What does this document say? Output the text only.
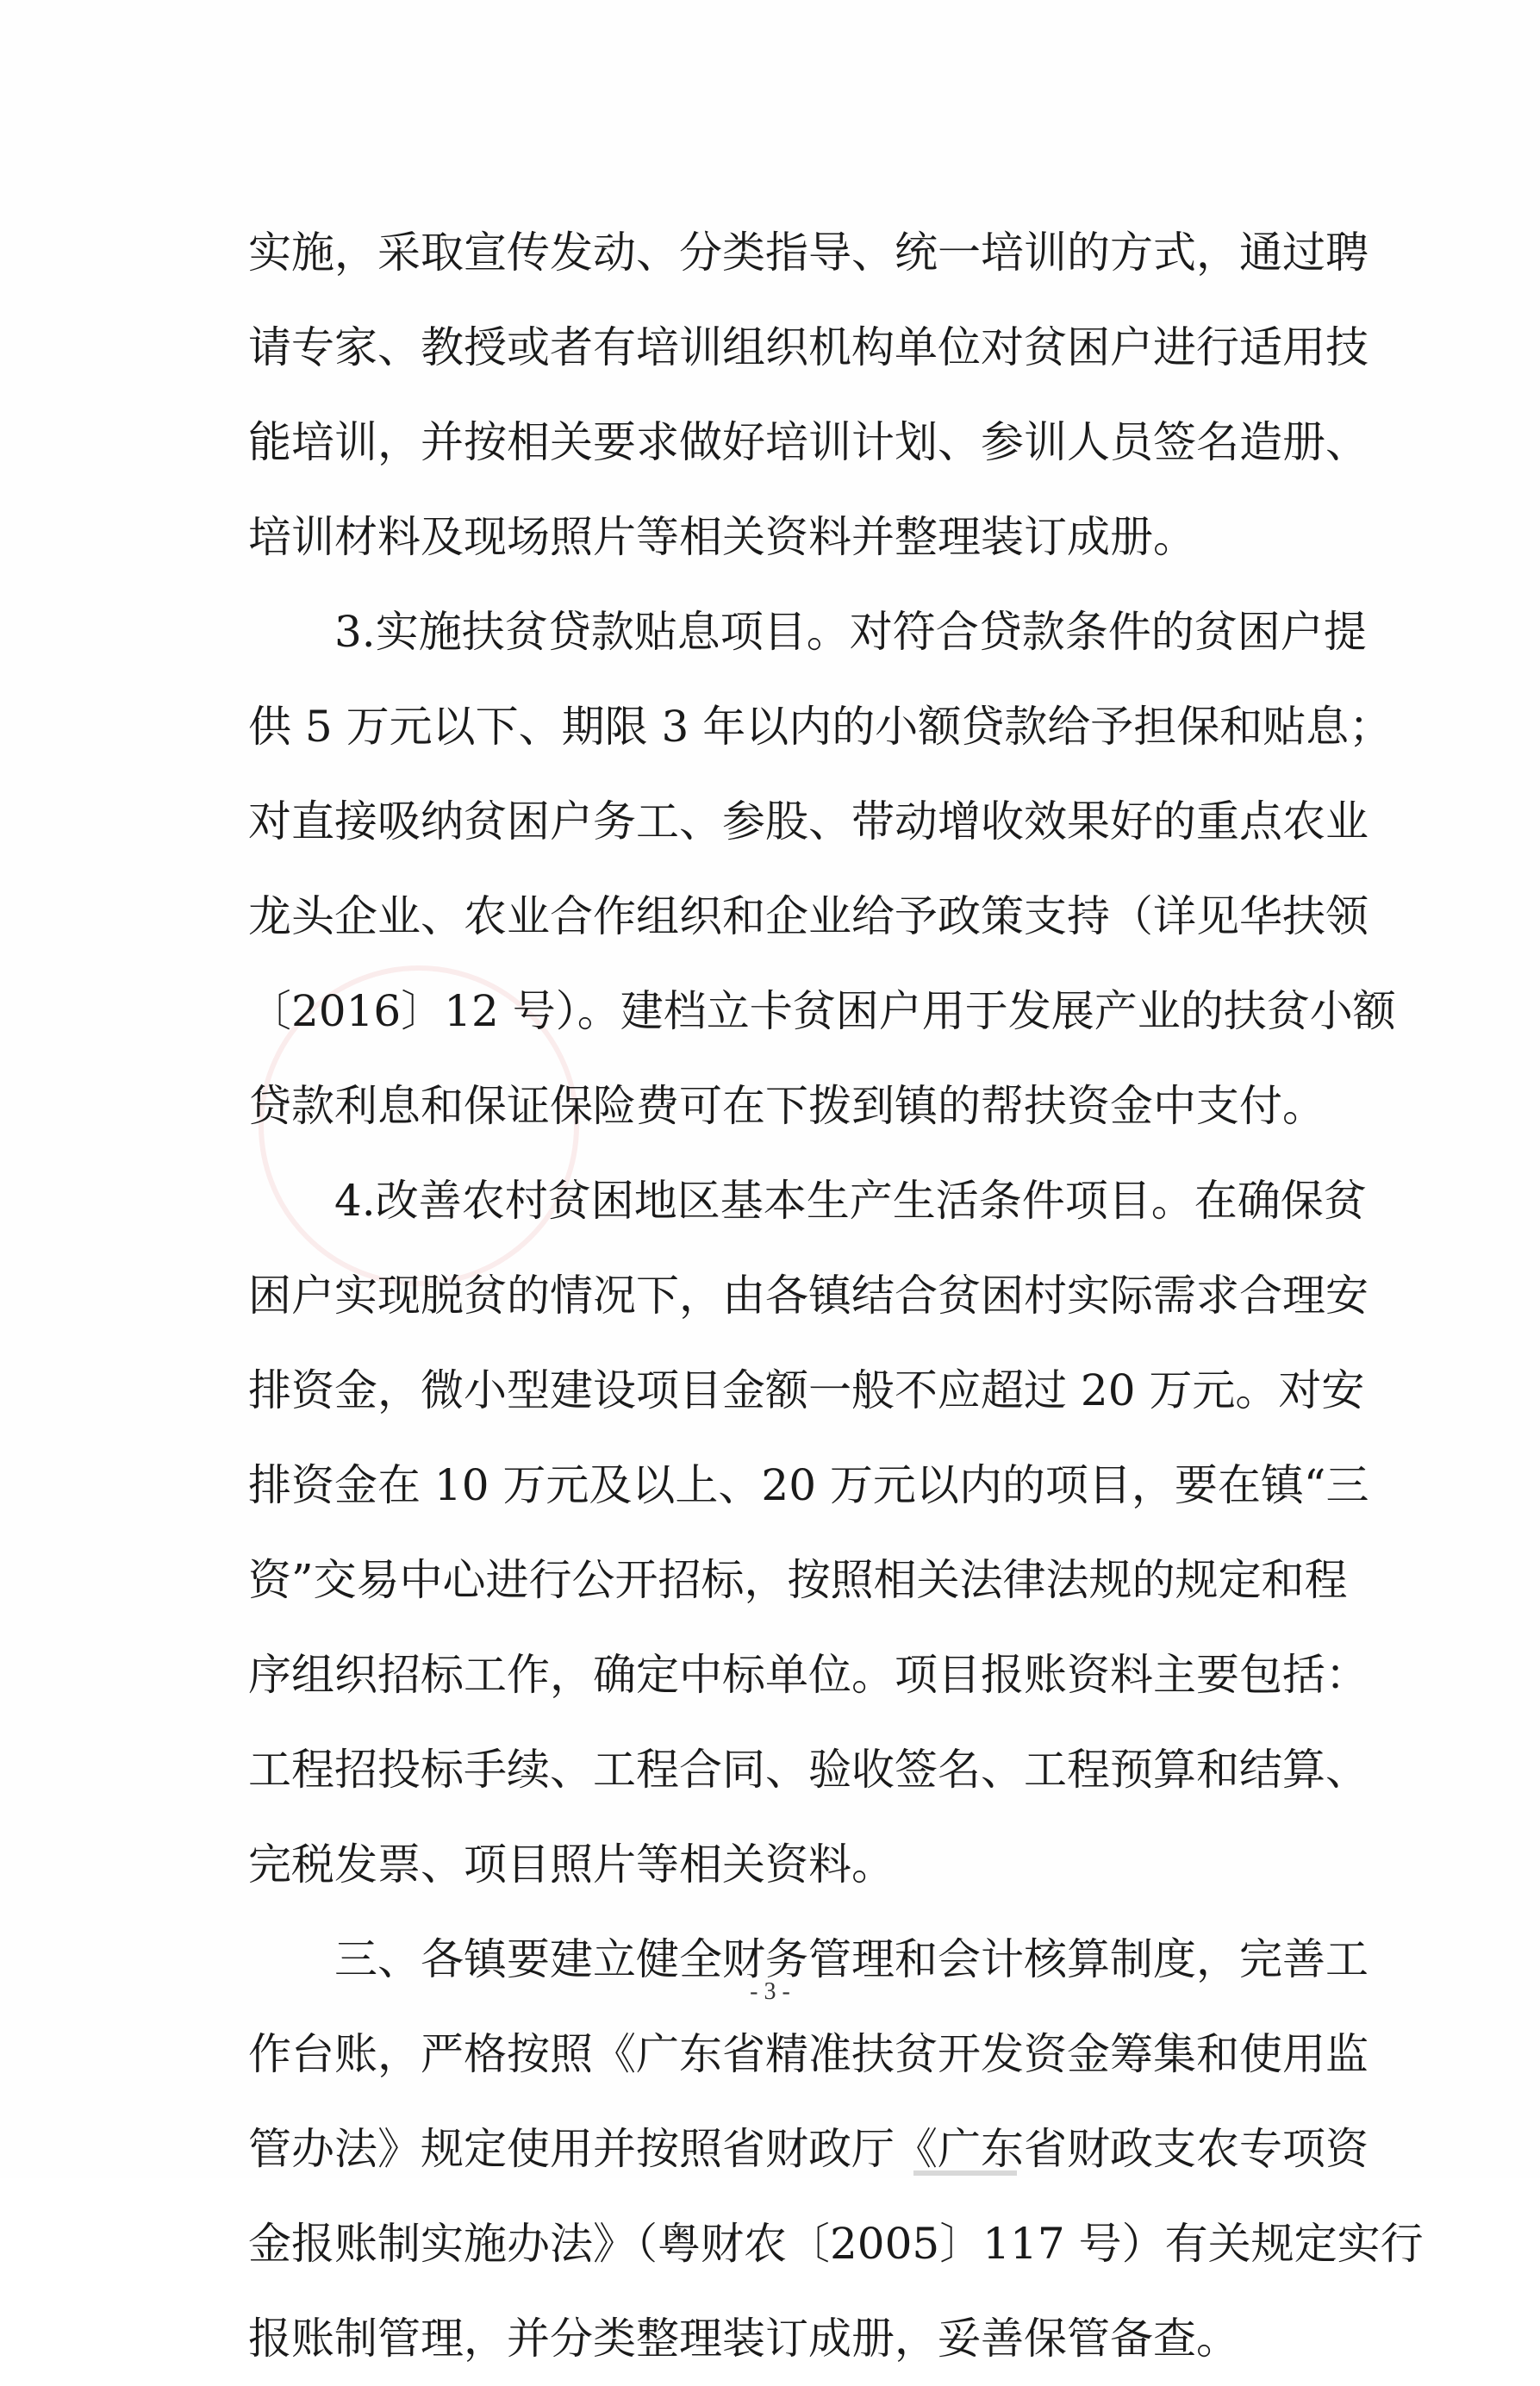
实施，采取宣传发动、分类指导、统一培训的方式，通过聘
请专家、教授或者有培训组织机构单位对贫困户进行适用技
能培训，并按相关要求做好培训计划、参训人员签名造册、
培训材料及现场照片等相关资料并整理装订成册。
3.实施扶贫贷款贴息项目。对符合贷款条件的贫困户提
供 5 万元以下、期限 3 年以内的小额贷款给予担保和贴息；
对直接吸纳贫困户务工、参股、带动增收效果好的重点农业
龙头企业、农业合作组织和企业给予政策支持（详见华扶领
〔2016〕12 号）。建档立卡贫困户用于发展产业的扶贫小额
贷款利息和保证保险费可在下拨到镇的帮扶资金中支付。
4.改善农村贫困地区基本生产生活条件项目。在确保贫
困户实现脱贫的情况下，由各镇结合贫困村实际需求合理安
排资金，微小型建设项目金额一般不应超过 20 万元。对安
排资金在 10 万元及以上、20 万元以内的项目，要在镇“三
资”交易中心进行公开招标，按照相关法律法规的规定和程
序组织招标工作，确定中标单位。项目报账资料主要包括：
工程招投标手续、工程合同、验收签名、工程预算和结算、
完税发票、项目照片等相关资料。
三、各镇要建立健全财务管理和会计核算制度，完善工
作台账，严格按照《广东省精准扶贫开发资金筹集和使用监
管办法》规定使用并按照省财政厅《广东省财政支农专项资
金报账制实施办法》（粤财农〔2005〕117 号）有关规定实行
报账制管理，并分类整理装订成册，妥善保管备查。
- 3 -
